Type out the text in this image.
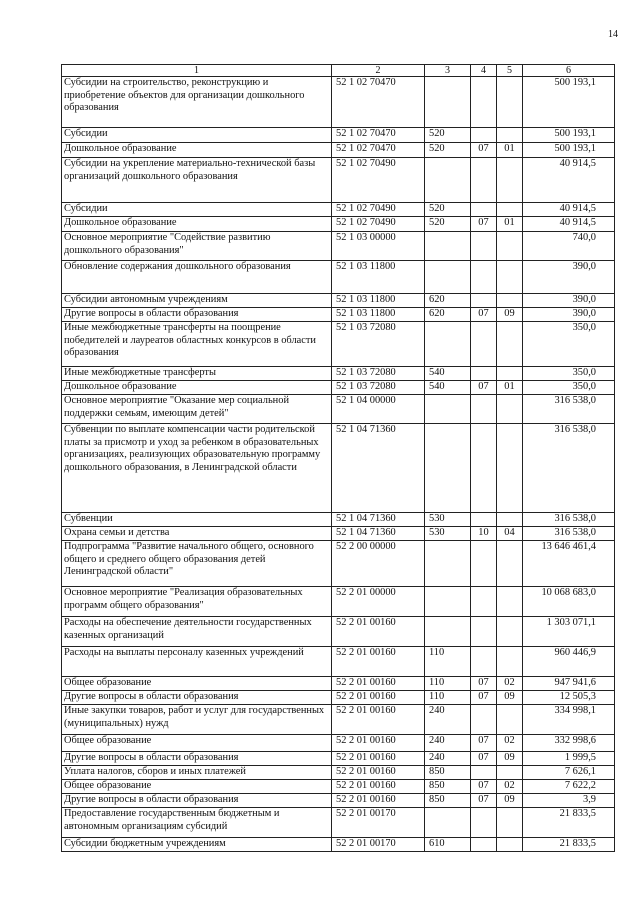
14
1	2	3	4	5	6
Субсидии на строительство, реконструкцию и приобретение объектов для организации дошкольного образования	52 1 02 70470				500 193,1
Субсидии	52 1 02 70470	520			500 193,1
Дошкольное образование	52 1 02 70470	520	07	01	500 193,1
Субсидии на укрепление материально-технической базы организаций дошкольного образования	52 1 02 70490				40 914,5
Субсидии	52 1 02 70490	520			40 914,5
Дошкольное образование	52 1 02 70490	520	07	01	40 914,5
Основное мероприятие "Содействие развитию дошкольного образования"	52 1 03 00000				740,0
Обновление содержания дошкольного образования	52 1 03 11800				390,0
Субсидии автономным учреждениям	52 1 03 11800	620			390,0
Другие вопросы в области образования	52 1 03 11800	620	07	09	390,0
Иные межбюджетные трансферты на поощрение победителей и лауреатов областных конкурсов в области образования	52 1 03 72080				350,0
Иные межбюджетные трансферты	52 1 03 72080	540			350,0
Дошкольное образование	52 1 03 72080	540	07	01	350,0
Основное мероприятие "Оказание мер социальной поддержки семьям, имеющим детей"	52 1 04 00000				316 538,0
Субвенции по выплате компенсации части родительской платы за присмотр и уход за ребенком в образовательных организациях, реализующих образовательную программу дошкольного образования, в Ленинградской области	52 1 04 71360				316 538,0
Субвенции	52 1 04 71360	530			316 538,0
Охрана семьи и детства	52 1 04 71360	530	10	04	316 538,0
Подпрограмма "Развитие начального общего, основного общего и среднего общего образования детей Ленинградской области"	52 2 00 00000				13 646 461,4
Основное мероприятие "Реализация образовательных программ общего образования"	52 2 01 00000				10 068 683,0
Расходы на обеспечение деятельности государственных казенных организаций	52 2 01 00160				1 303 071,1
Расходы на выплаты персоналу казенных учреждений	52 2 01 00160	110			960 446,9
Общее образование	52 2 01 00160	110	07	02	947 941,6
Другие вопросы в области образования	52 2 01 00160	110	07	09	12 505,3
Иные закупки товаров, работ и услуг для государственных (муниципальных) нужд	52 2 01 00160	240			334 998,1
Общее образование	52 2 01 00160	240	07	02	332 998,6
Другие вопросы в области образования	52 2 01 00160	240	07	09	1 999,5
Уплата налогов, сборов и иных платежей	52 2 01 00160	850			7 626,1
Общее образование	52 2 01 00160	850	07	02	7 622,2
Другие вопросы в области образования	52 2 01 00160	850	07	09	3,9
Предоставление государственным бюджетным и автономным организациям субсидий	52 2 01 00170				21 833,5
Субсидии бюджетным учреждениям	52 2 01 00170	610			21 833,5
